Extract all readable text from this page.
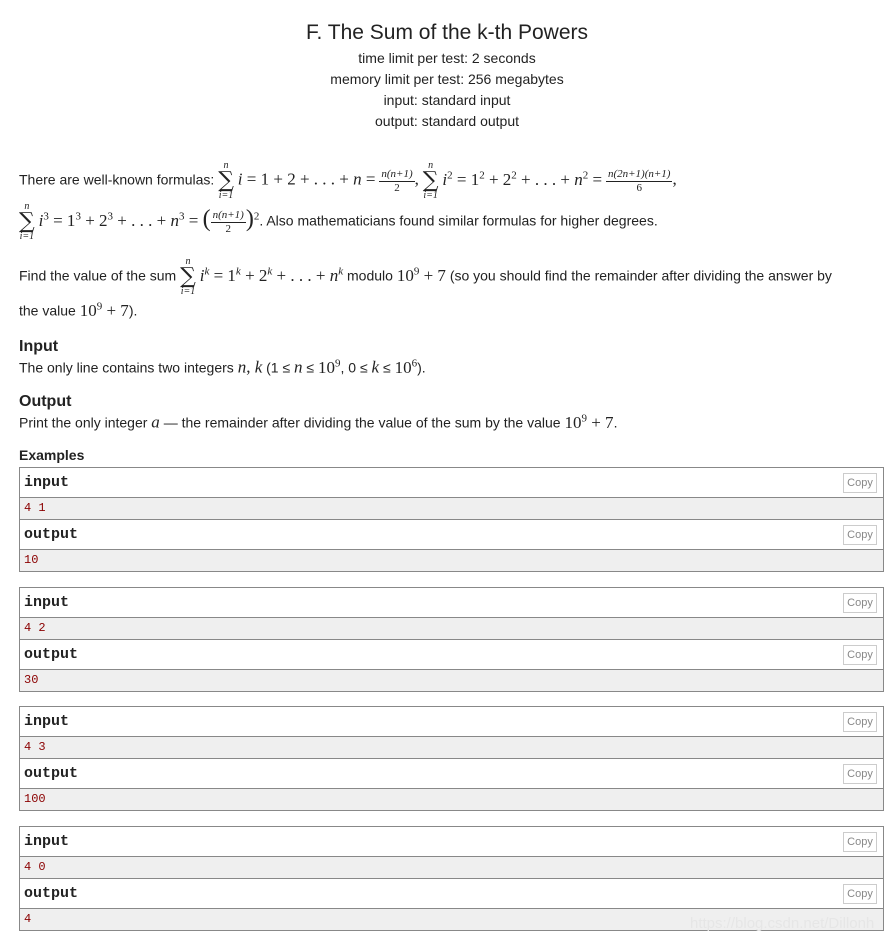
F. The Sum of the k-th Powers
time limit per test: 2 seconds
memory limit per test: 256 megabytes
input: standard input
output: standard output
There are well-known formulas:
n
∑
i=1
i = 1 + 2 + . . . + $n = \frac{n(n+1)}{2}$ ,
n
∑
i=1
$i^2 = 1^2 + 2^2$ + . . . + $n^2 = \frac{n(2n+1)(n+1)}{6}$ ,
n
∑
i=1
$i^3 = 1^3 + 2^3$ + . . . + $n^3$ = ( $\frac{n(n+1)}{2} )^2$. Also mathematicians found similar formulas for higher degrees.
Find the value of the sum
n
∑
i=1
$i^k = 1^k + 2^k$ + . . . + $n^k$ modulo $10^9 + 7$ (so you should find the remainder after dividing the answer by
the value $10^9 + 7$).
Input
The only line contains two integers n, k ($1 \le n \le 10^9$, $0 \le k \le 10^6$).
Output
Print the only integer a — the remainder after dividing the value of the sum by the value $10^9 + 7$.
Examples
input	Copy
4 1
output	Copy
10
input	Copy
4 2
output	Copy
30
input	Copy
4 3
output	Copy
100
input	Copy
4 0
output	Copy
4	https://blog.csdn.net/Dillonh
